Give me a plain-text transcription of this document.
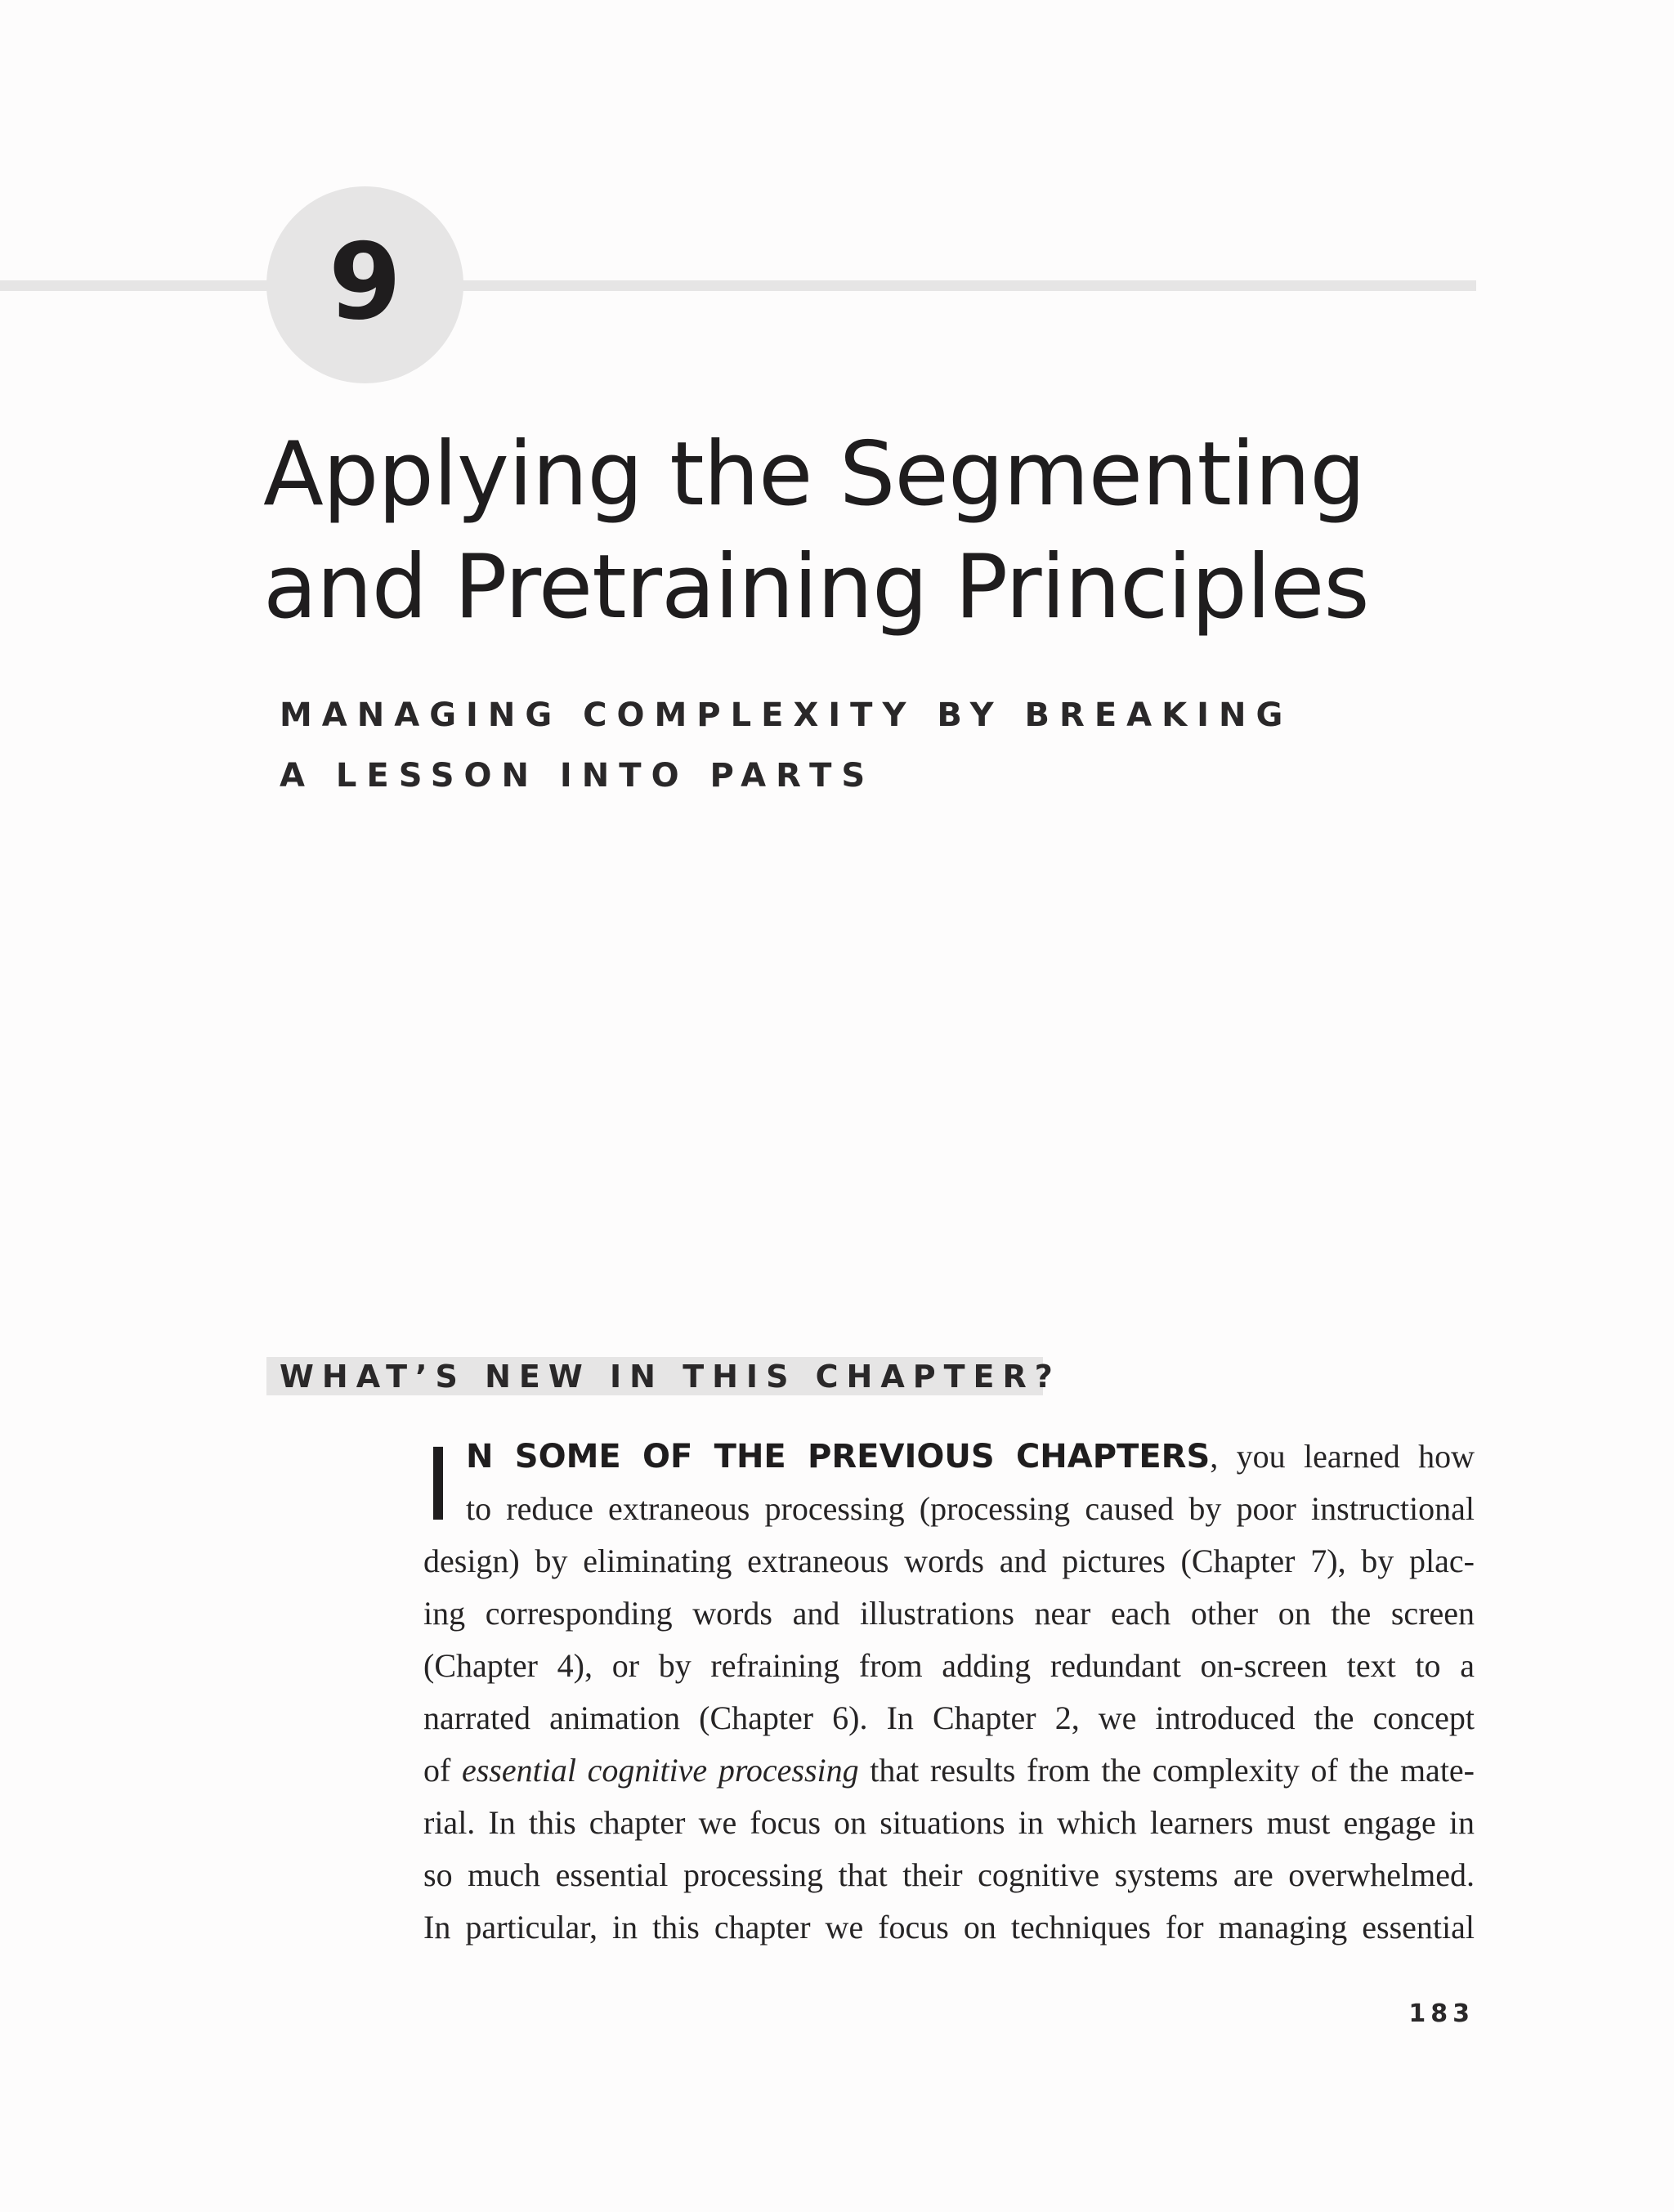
9
Applying the Segmenting
and Pretraining Principles
MANAGING COMPLEXITY BY BREAKING
A LESSON INTO PARTS
WHAT’S NEW IN THIS CHAPTER?
I N SOME OF THE PREVIOUS CHAPTERS, you learned how
to reduce extraneous processing (processing caused by poor instructional
design) by eliminating extraneous words and pictures (Chapter 7), by plac-
ing corresponding words and illustrations near each other on the screen
(Chapter 4), or by refraining from adding redundant on-screen text to a
narrated animation (Chapter 6). In Chapter 2, we introduced the concept
of essential cognitive processing that results from the complexity of the mate-
rial. In this chapter we focus on situations in which learners must engage in
so much essential processing that their cognitive systems are overwhelmed.
In particular, in this chapter we focus on techniques for managing essential
183
